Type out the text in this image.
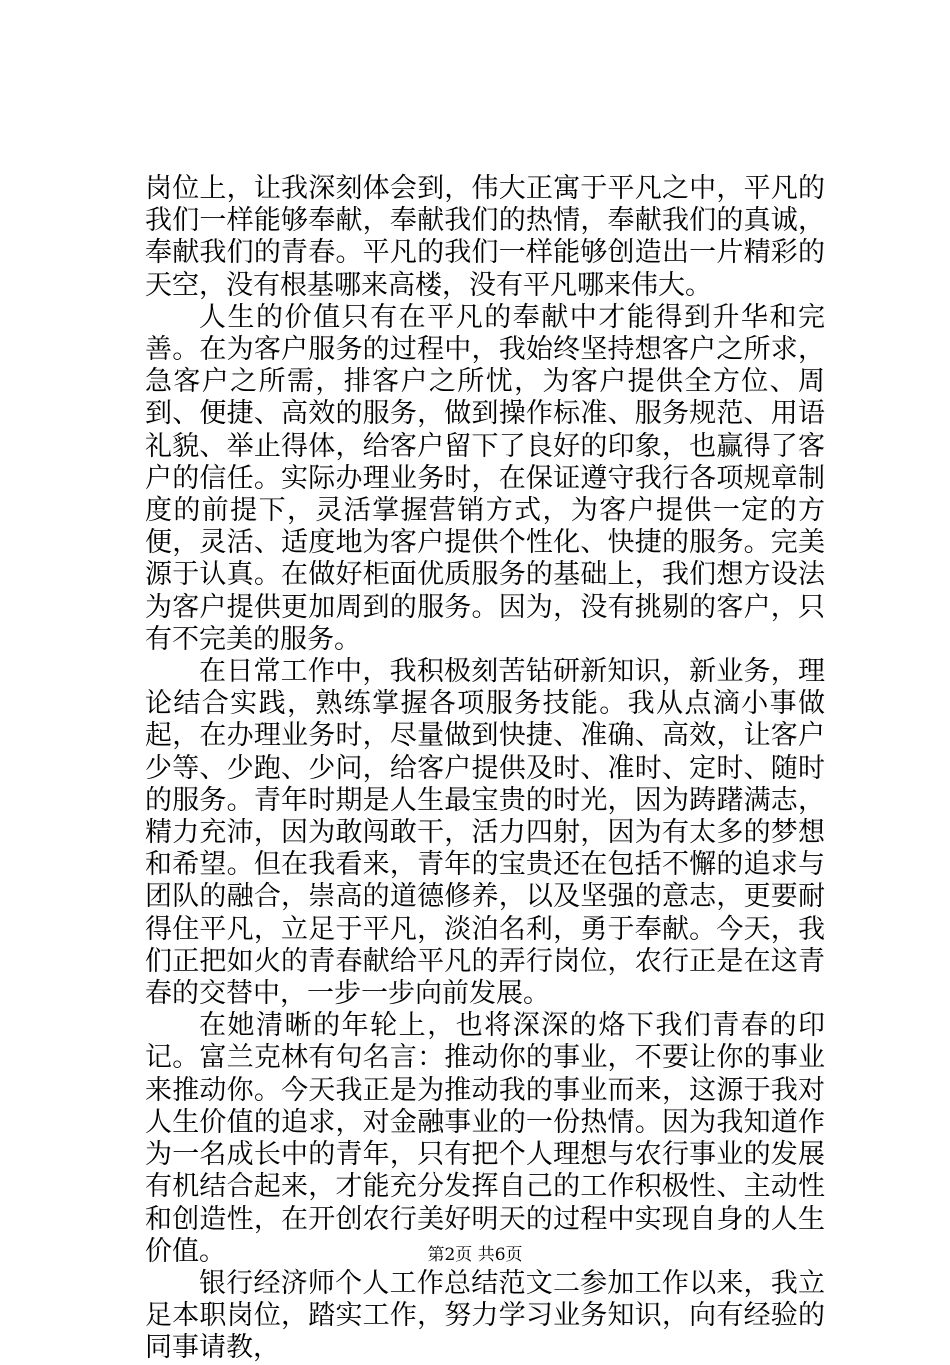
岗位上，让我深刻体会到，伟大正寓于平凡之中，平凡的我们一样能够奉献，奉献我们的热情，奉献我们的真诚，奉献我们的青春。平凡的我们一样能够创造出一片精彩的天空，没有根基哪来高楼，没有平凡哪来伟大。

人生的价值只有在平凡的奉献中才能得到升华和完善。在为客户服务的过程中，我始终坚持想客户之所求，急客户之所需，排客户之所忧，为客户提供全方位、周到、便捷、高效的服务，做到操作标准、服务规范、用语礼貌、举止得体，给客户留下了良好的印象，也赢得了客户的信任。实际办理业务时，在保证遵守我行各项规章制度的前提下，灵活掌握营销方式，为客户提供一定的方便，灵活、适度地为客户提供个性化、快捷的服务。完美源于认真。在做好柜面优质服务的基础上，我们想方设法为客户提供更加周到的服务。因为，没有挑剔的客户，只有不完美的服务。

在日常工作中，我积极刻苦钻研新知识，新业务，理论结合实践，熟练掌握各项服务技能。我从点滴小事做起，在办理业务时，尽量做到快捷、准确、高效，让客户少等、少跑、少问，给客户提供及时、准时、定时、随时的服务。青年时期是人生最宝贵的时光，因为踌躇满志，精力充沛，因为敢闯敢干，活力四射，因为有太多的梦想和希望。但在我看来，青年的宝贵还在包括不懈的追求与团队的融合，崇高的道德修养，以及坚强的意志，更要耐得住平凡，立足于平凡，淡泊名利，勇于奉献。今天，我们正把如火的青春献给平凡的弄行岗位，农行正是在这青春的交替中，一步一步向前发展。

在她清晰的年轮上，也将深深的烙下我们青春的印记。富兰克林有句名言：推动你的事业，不要让你的事业来推动你。今天我正是为推动我的事业而来，这源于我对人生价值的追求，对金融事业的一份热情。因为我知道作为一名成长中的青年，只有把个人理想与农行事业的发展有机结合起来，才能充分发挥自己的工作积极性、主动性和创造性，在开创农行美好明天的过程中实现自身的人生价值。

银行经济师个人工作总结范文二参加工作以来，我立足本职岗位，踏实工作，努力学习业务知识，向有经验的同事请教，

第2页 共6页
